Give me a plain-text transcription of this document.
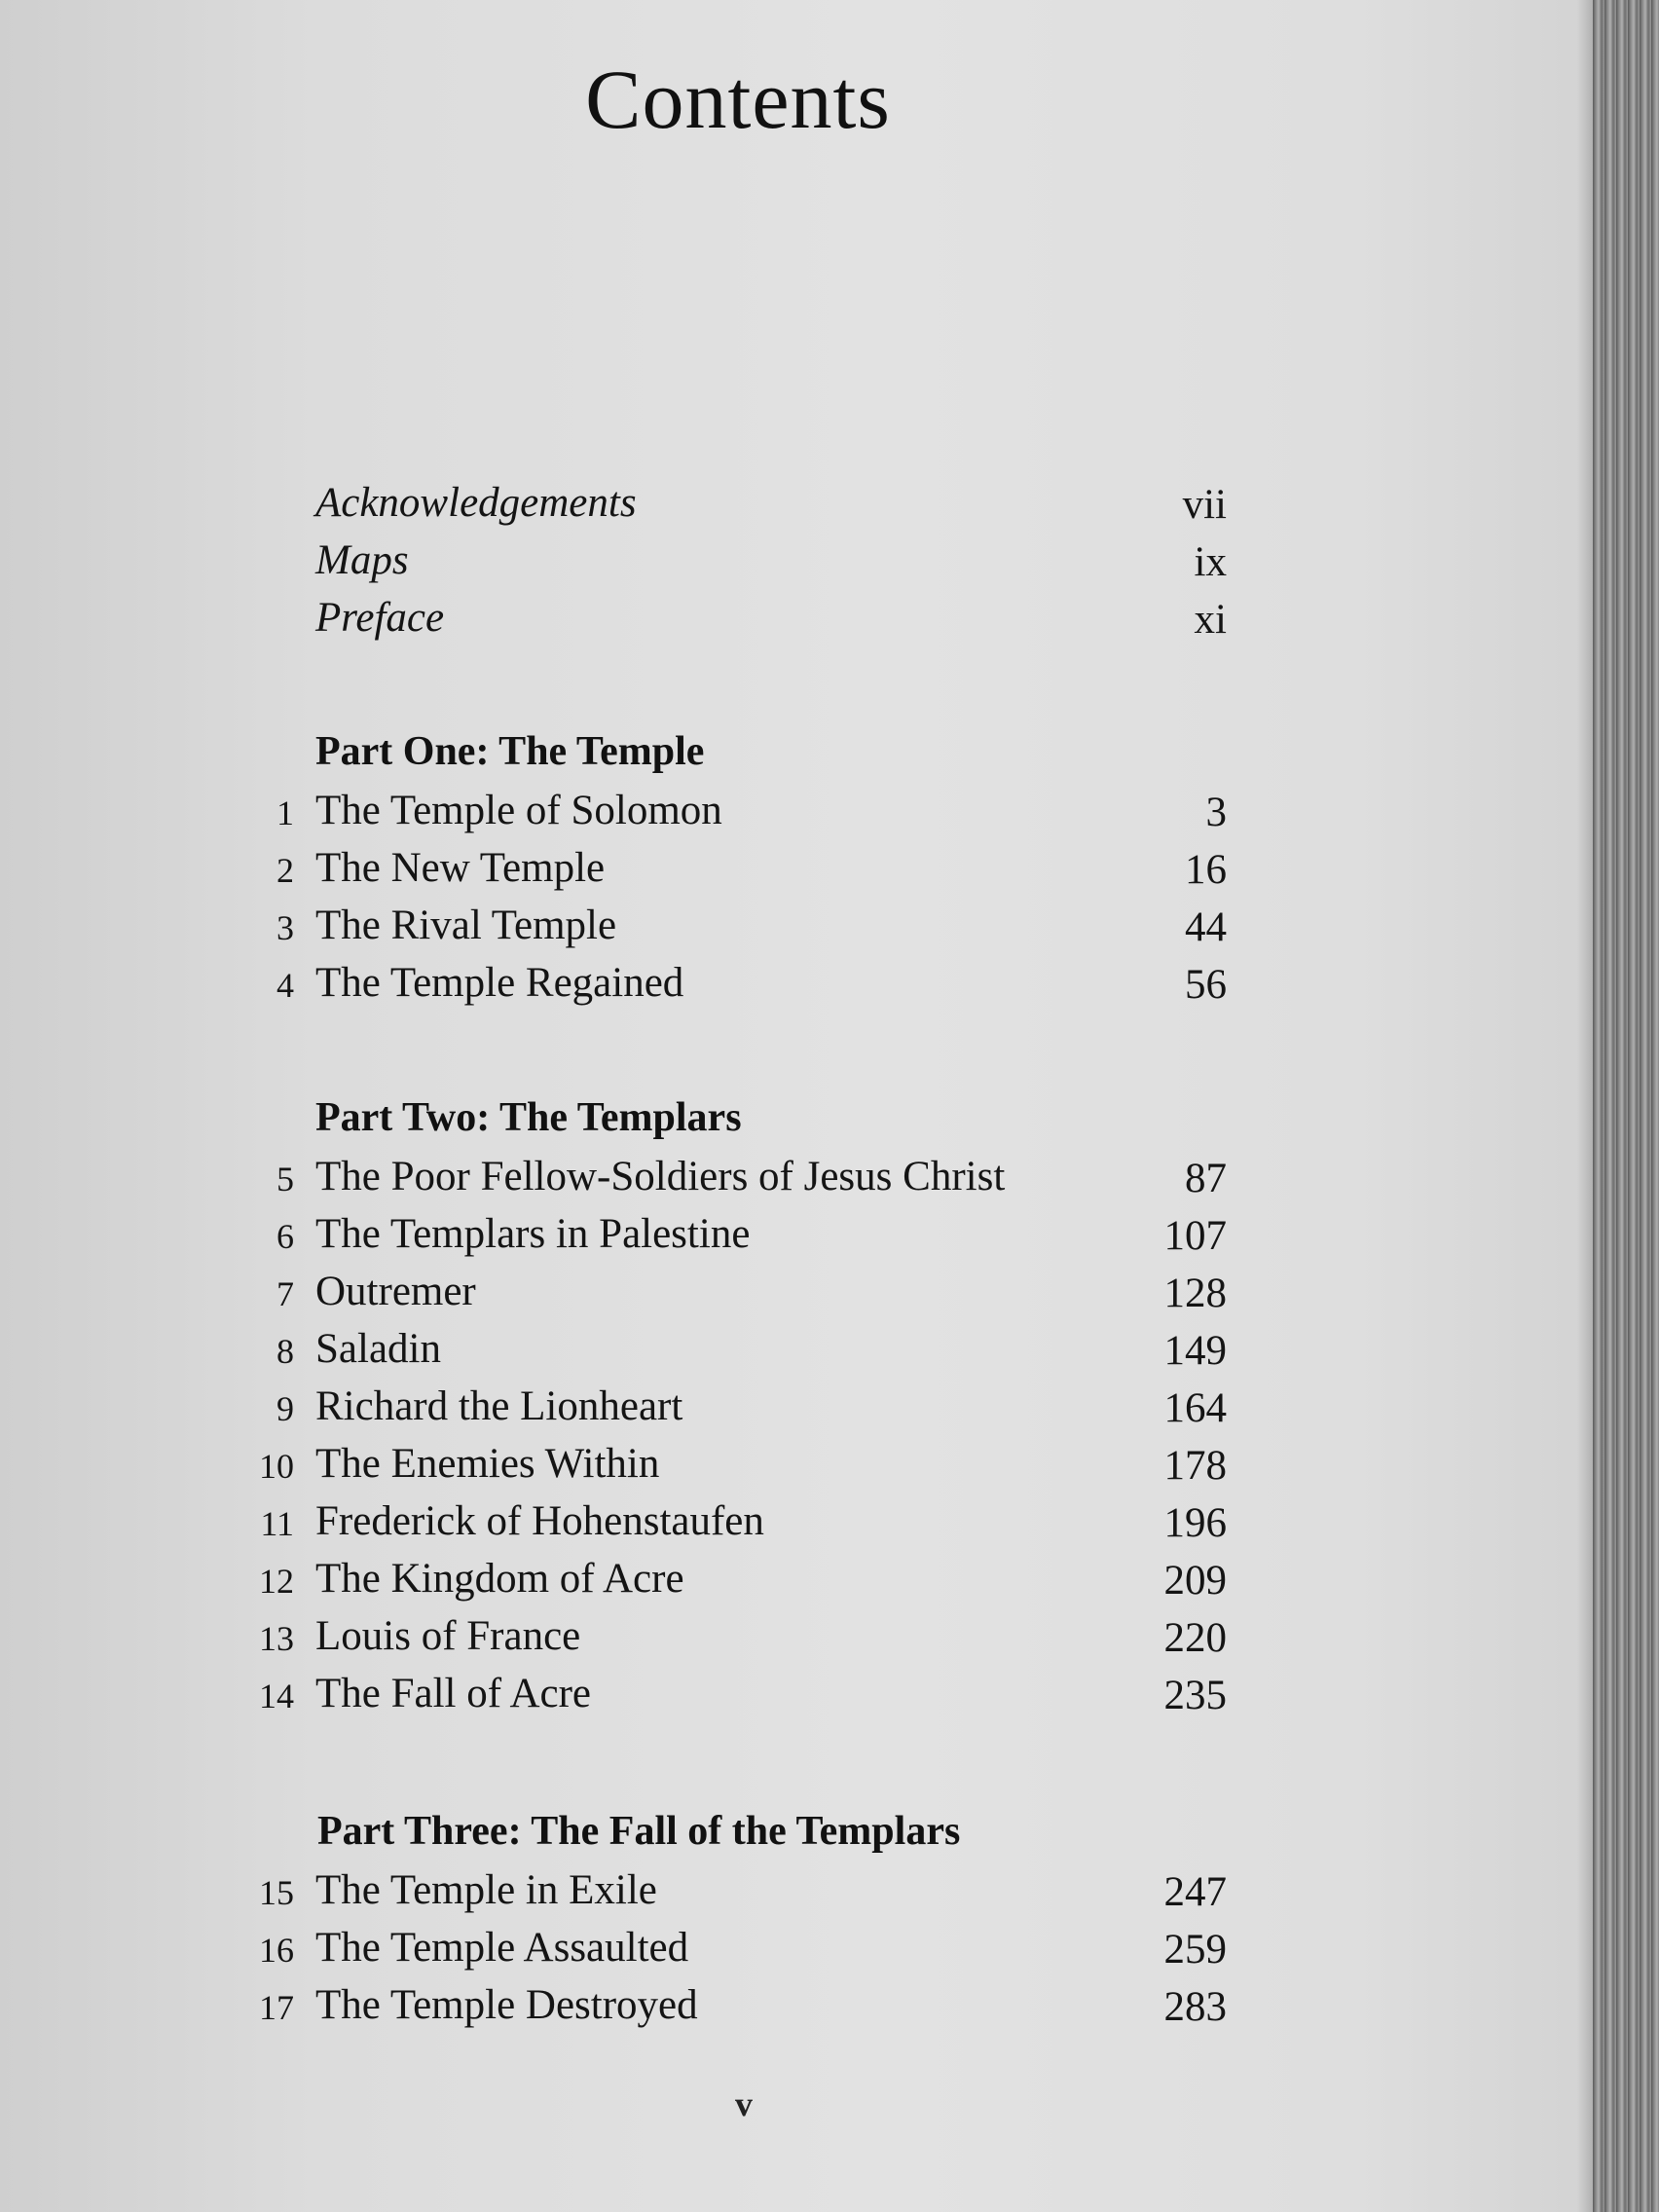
Contents
Acknowledgements	vii
Maps	ix
Preface	xi
Part One: The Temple
1 The Temple of Solomon	3
2 The New Temple	16
3 The Rival Temple	44
4 The Temple Regained	56
Part Two: The Templars
5 The Poor Fellow-Soldiers of Jesus Christ	87
6 The Templars in Palestine	107
7 Outremer	128
8 Saladin	149
9 Richard the Lionheart	164
10 The Enemies Within	178
11 Frederick of Hohenstaufen	196
12 The Kingdom of Acre	209
13 Louis of France	220
14 The Fall of Acre	235
Part Three: The Fall of the Templars
15 The Temple in Exile	247
16 The Temple Assaulted	259
17 The Temple Destroyed	283
v
